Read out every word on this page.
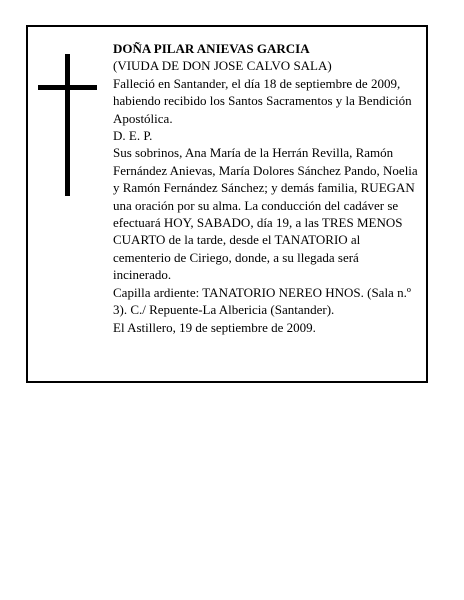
DOÑA PILAR ANIEVAS GARCIA

(VIUDA DE DON JOSE CALVO SALA)

Falleció en Santander, el día 18 de septiembre de 2009, habiendo recibido los Santos Sacramentos y la Bendición Apostólica.

D. E. P.

Sus sobrinos, Ana María de la Herrán Revilla, Ramón Fernández Anievas, María Dolores Sánchez Pando, Noelia y Ramón Fernández Sánchez; y demás familia, RUEGAN una oración por su alma. La conducción del cadáver se efectuará HOY, SABADO, día 19, a las TRES MENOS CUARTO de la tarde, desde el TANATORIO al cementerio de Ciriego, donde, a su llegada será incinerado.

Capilla ardiente: TANATORIO NEREO HNOS. (Sala n.º 3). C./ Repuente-La Albericia (Santander).

El Astillero, 19 de septiembre de 2009.
